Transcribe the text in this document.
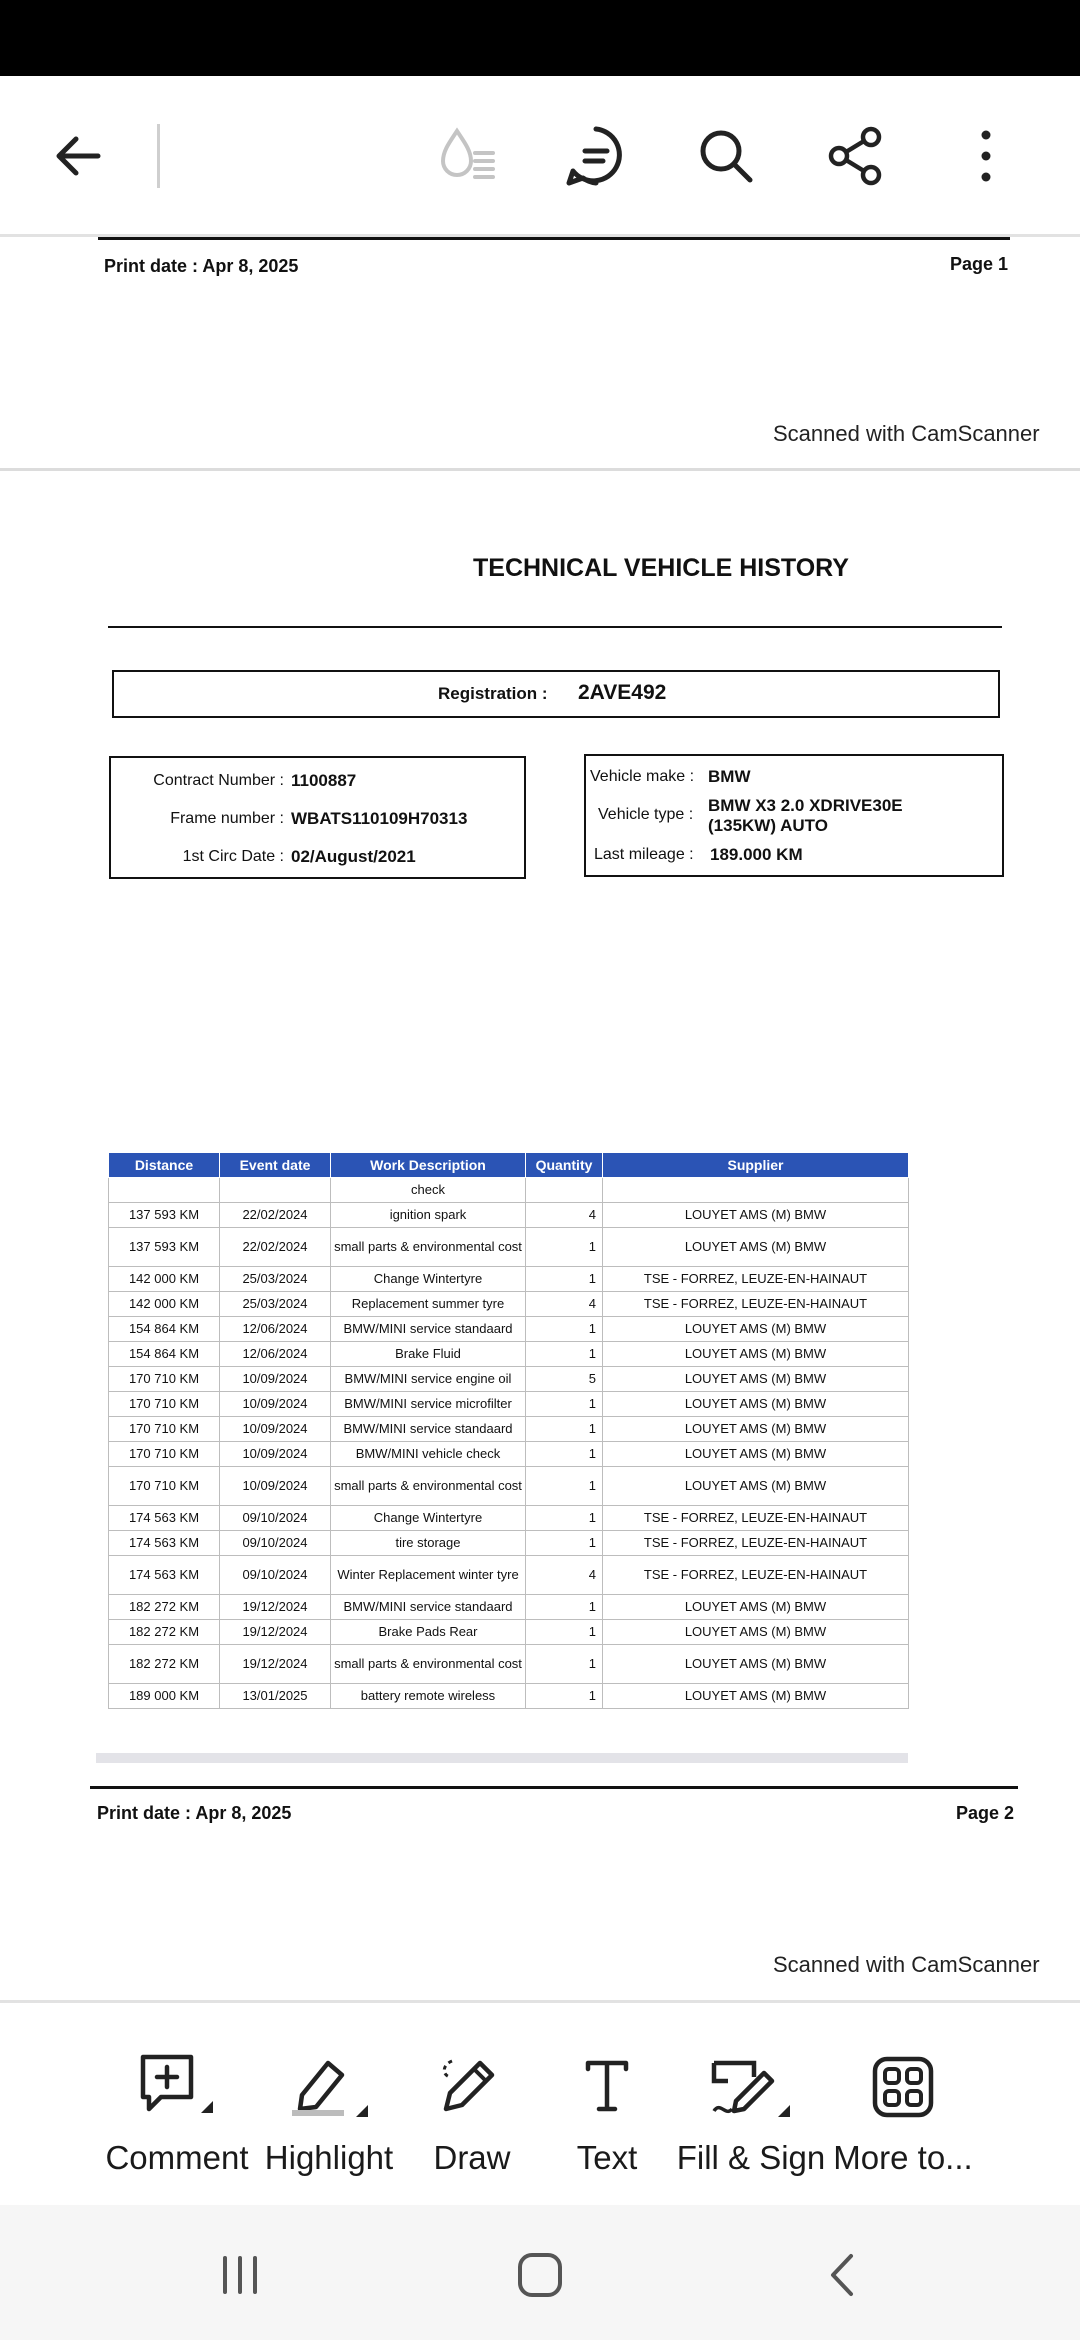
Print date : Apr 8, 2025	Page 1
Scanned with CamScanner
TECHNICAL VEHICLE HISTORY
Registration : 2AVE492
Contract Number : 1100887
Frame number : WBATS110109H70313
1st Circ Date : 02/August/2021
Vehicle make : BMW
Vehicle type : BMW X3 2.0 XDRIVE30E
(135KW) AUTO
Last mileage : 189.000 KM
Distance	Event date	Work Description	Quantity	Supplier
		check		
137 593 KM	22/02/2024	ignition spark	4	LOUYET AMS (M) BMW
137 593 KM	22/02/2024	small parts & environmental cost	1	LOUYET AMS (M) BMW
142 000 KM	25/03/2024	Change Wintertyre	1	TSE - FORREZ, LEUZE-EN-HAINAUT
142 000 KM	25/03/2024	Replacement summer tyre	4	TSE - FORREZ, LEUZE-EN-HAINAUT
154 864 KM	12/06/2024	BMW/MINI service standaard	1	LOUYET AMS (M) BMW
154 864 KM	12/06/2024	Brake Fluid	1	LOUYET AMS (M) BMW
170 710 KM	10/09/2024	BMW/MINI service engine oil	5	LOUYET AMS (M) BMW
170 710 KM	10/09/2024	BMW/MINI service microfilter	1	LOUYET AMS (M) BMW
170 710 KM	10/09/2024	BMW/MINI service standaard	1	LOUYET AMS (M) BMW
170 710 KM	10/09/2024	BMW/MINI vehicle check	1	LOUYET AMS (M) BMW
170 710 KM	10/09/2024	small parts & environmental cost	1	LOUYET AMS (M) BMW
174 563 KM	09/10/2024	Change Wintertyre	1	TSE - FORREZ, LEUZE-EN-HAINAUT
174 563 KM	09/10/2024	tire storage	1	TSE - FORREZ, LEUZE-EN-HAINAUT
174 563 KM	09/10/2024	Winter Replacement winter tyre	4	TSE - FORREZ, LEUZE-EN-HAINAUT
182 272 KM	19/12/2024	BMW/MINI service standaard	1	LOUYET AMS (M) BMW
182 272 KM	19/12/2024	Brake Pads Rear	1	LOUYET AMS (M) BMW
182 272 KM	19/12/2024	small parts & environmental cost	1	LOUYET AMS (M) BMW
189 000 KM	13/01/2025	battery remote wireless	1	LOUYET AMS (M) BMW
Print date : Apr 8, 2025	Page 2
Scanned with CamScanner
Comment Highlight	Draw	Text	Fill & Sign More to...
